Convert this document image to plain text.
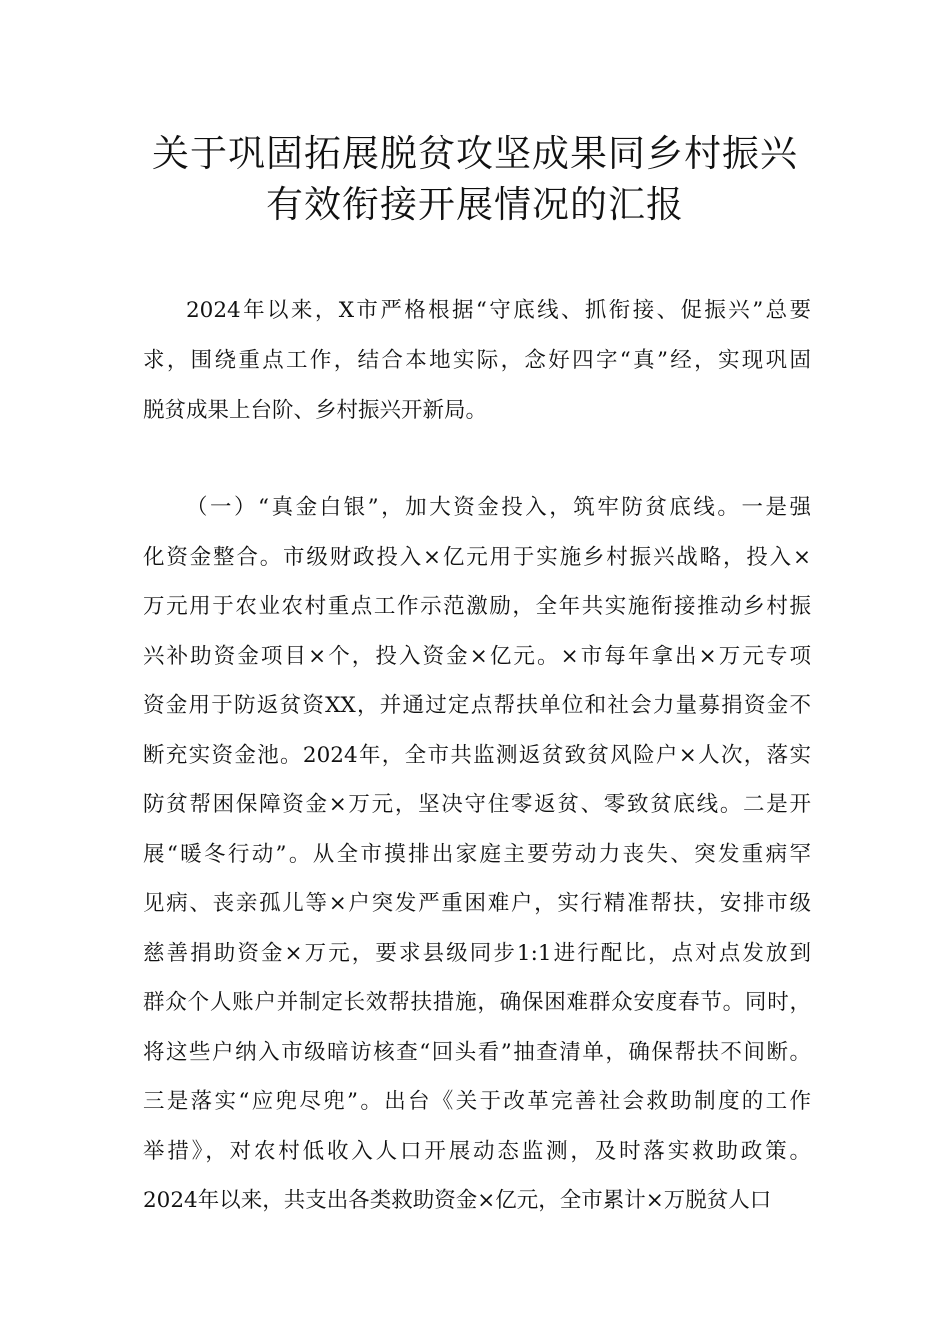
关于巩固拓展脱贫攻坚成果同乡村振兴
有效衔接开展情况的汇报

2024年以来，X市严格根据“守底线、抓衔接、促振兴”总要
求，围绕重点工作，结合本地实际，念好四字“真”经，实现巩固
脱贫成果上台阶、乡村振兴开新局。

（一）“真金白银”，加大资金投入，筑牢防贫底线。一是强
化资金整合。市级财政投入×亿元用于实施乡村振兴战略，投入×
万元用于农业农村重点工作示范激励，全年共实施衔接推动乡村振
兴补助资金项目×个，投入资金×亿元。×市每年拿出×万元专项
资金用于防返贫资XX，并通过定点帮扶单位和社会力量募捐资金不
断充实资金池。2024年，全市共监测返贫致贫风险户×人次，落实
防贫帮困保障资金×万元，坚决守住零返贫、零致贫底线。二是开
展“暖冬行动”。从全市摸排出家庭主要劳动力丧失、突发重病罕
见病、丧亲孤儿等×户突发严重困难户，实行精准帮扶，安排市级
慈善捐助资金×万元，要求县级同步1:1进行配比，点对点发放到
群众个人账户并制定长效帮扶措施，确保困难群众安度春节。同时，
将这些户纳入市级暗访核查“回头看”抽查清单，确保帮扶不间断。
三是落实“应兜尽兜”。出台《关于改革完善社会救助制度的工作
举措》，对农村低收入人口开展动态监测，及时落实救助政策。
2024年以来，共支出各类救助资金×亿元，全市累计×万脱贫人口
